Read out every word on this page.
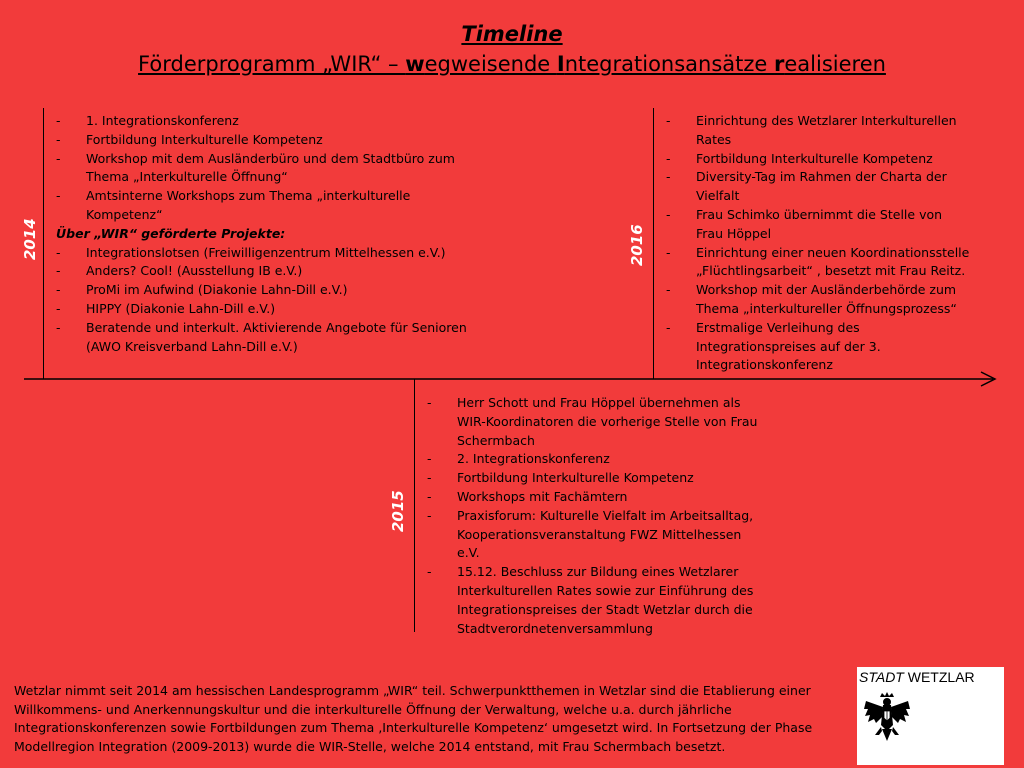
Timeline
Förderprogramm „WIR“ – wegweisende Integrationsansätze realisieren
2014	2016
2015
- 1. Integrationskonferenz
- Fortbildung Interkulturelle Kompetenz
- Workshop mit dem Ausländerbüro und dem Stadtbüro zum Thema „Interkulturelle Öffnung“
- Amtsinterne Workshops zum Thema „interkulturelle Kompetenz“
Über „WIR“ geförderte Projekte:
- Integrationslotsen (Freiwilligenzentrum Mittelhessen e.V.)
- Anders? Cool! (Ausstellung IB e.V.)
- ProMi im Aufwind (Diakonie Lahn-Dill e.V.)
- HIPPY (Diakonie Lahn-Dill e.V.)
- Beratende und interkult. Aktivierende Angebote für Senioren (AWO Kreisverband Lahn-Dill e.V.)
- Einrichtung des Wetzlarer Interkulturellen Rates
- Fortbildung Interkulturelle Kompetenz
- Diversity-Tag im Rahmen der Charta der Vielfalt
- Frau Schimko übernimmt die Stelle von Frau Höppel
- Einrichtung einer neuen Koordinationsstelle „Flüchtlingsarbeit“ , besetzt mit Frau Reitz.
- Workshop mit der Ausländerbehörde zum Thema „interkultureller Öffnungsprozess“
- Erstmalige Verleihung des Integrationspreises auf der 3. Integrationskonferenz
- Herr Schott und Frau Höppel übernehmen als WIR-Koordinatoren die vorherige Stelle von Frau Schermbach
- 2. Integrationskonferenz
- Fortbildung Interkulturelle Kompetenz
- Workshops mit Fachämtern
- Praxisforum: Kulturelle Vielfalt im Arbeitsalltag, Kooperationsveranstaltung FWZ Mittelhessen e.V.
- 15.12. Beschluss zur Bildung eines Wetzlarer Interkulturellen Rates sowie zur Einführung des Integrationspreises der Stadt Wetzlar durch die Stadtverordnetenversammlung
Wetzlar nimmt seit 2014 am hessischen Landesprogramm „WIR“ teil. Schwerpunktthemen in Wetzlar sind die Etablierung einer Willkommens- und Anerkennungskultur und die interkulturelle Öffnung der Verwaltung, welche u.a. durch jährliche Integrationskonferenzen sowie Fortbildungen zum Thema ‚Interkulturelle Kompetenz‘ umgesetzt wird. In Fortsetzung der Phase Modellregion Integration (2009-2013) wurde die WIR-Stelle, welche 2014 entstand, mit Frau Schermbach besetzt.
STADT WETZLAR
